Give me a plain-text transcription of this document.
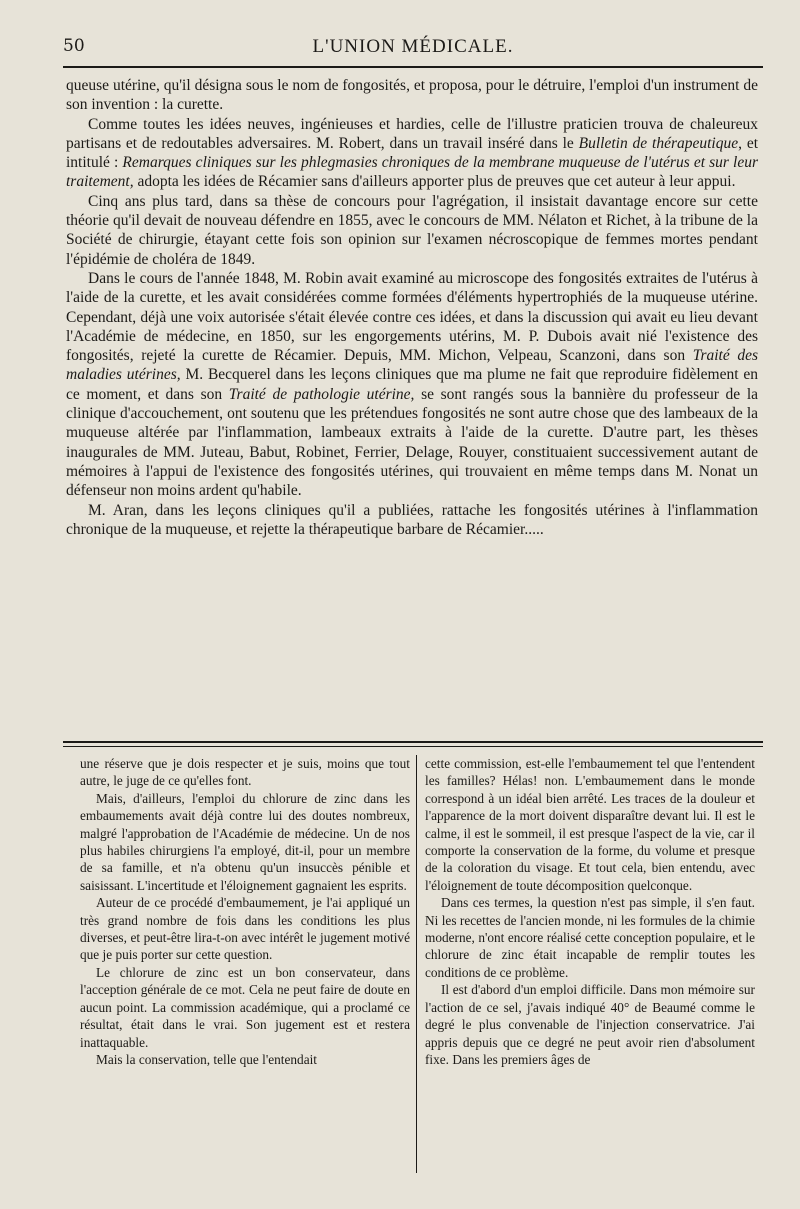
50	L'UNION MÉDICALE.

queuse utérine, qu'il désigna sous le nom de fongosités, et proposa, pour le détruire, l'emploi d'un instrument de son invention : la curette.

Comme toutes les idées neuves, ingénieuses et hardies, celle de l'illustre praticien trouva de chaleureux partisans et de redoutables adversaires. M. Robert, dans un travail inséré dans le Bulletin de thérapeutique, et intitulé : Remarques cliniques sur les phlegmasies chroniques de la membrane muqueuse de l'utérus et sur leur traitement, adopta les idées de Récamier sans d'ailleurs apporter plus de preuves que cet auteur à leur appui.

Cinq ans plus tard, dans sa thèse de concours pour l'agrégation, il insistait davantage encore sur cette théorie qu'il devait de nouveau défendre en 1855, avec le concours de MM. Nélaton et Richet, à la tribune de la Société de chirurgie, étayant cette fois son opinion sur l'examen nécroscopique de femmes mortes pendant l'épidémie de choléra de 1849.

Dans le cours de l'année 1848, M. Robin avait examiné au microscope des fongosités extraites de l'utérus à l'aide de la curette, et les avait considérées comme formées d'éléments hypertrophiés de la muqueuse utérine. Cependant, déjà une voix autorisée s'était élevée contre ces idées, et dans la discussion qui avait eu lieu devant l'Académie de médecine, en 1850, sur les engorgements utérins, M. P. Dubois avait nié l'existence des fongosités, rejeté la curette de Récamier. Depuis, MM. Michon, Velpeau, Scanzoni, dans son Traité des maladies utérines, M. Becquerel dans les leçons cliniques que ma plume ne fait que reproduire fidèlement en ce moment, et dans son Traité de pathologie utérine, se sont rangés sous la bannière du professeur de la clinique d'accouchement, ont soutenu que les prétendues fongosités ne sont autre chose que des lambeaux de la muqueuse altérée par l'inflammation, lambeaux extraits à l'aide de la curette. D'autre part, les thèses inaugurales de MM. Juteau, Babut, Robinet, Ferrier, Delage, Rouyer, constituaient successivement autant de mémoires à l'appui de l'existence des fongosités utérines, qui trouvaient en même temps dans M. Nonat un défenseur non moins ardent qu'habile.

M. Aran, dans les leçons cliniques qu'il a publiées, rattache les fongosités utérines à l'inflammation chronique de la muqueuse, et rejette la thérapeutique barbare de Récamier.....

une réserve que je dois respecter et je suis, moins que tout autre, le juge de ce qu'elles font.

Mais, d'ailleurs, l'emploi du chlorure de zinc dans les embaumements avait déjà contre lui des doutes nombreux, malgré l'approbation de l'Académie de médecine. Un de nos plus habiles chirurgiens l'a employé, dit-il, pour un membre de sa famille, et n'a obtenu qu'un insuccès pénible et saisissant. L'incertitude et l'éloignement gagnaient les esprits.

Auteur de ce procédé d'embaumement, je l'ai appliqué un très grand nombre de fois dans les conditions les plus diverses, et peut-être lira-t-on avec intérêt le jugement motivé que je puis porter sur cette question.

Le chlorure de zinc est un bon conservateur, dans l'acception générale de ce mot. Cela ne peut faire de doute en aucun point. La commission académique, qui a proclamé ce résultat, était dans le vrai. Son jugement est et restera inattaquable.

Mais la conservation, telle que l'entendait

cette commission, est-elle l'embaumement tel que l'entendent les familles? Hélas! non. L'embaumement dans le monde correspond à un idéal bien arrêté. Les traces de la douleur et l'apparence de la mort doivent disparaître devant lui. Il est le calme, il est le sommeil, il est presque l'aspect de la vie, car il comporte la conservation de la forme, du volume et presque de la coloration du visage. Et tout cela, bien entendu, avec l'éloignement de toute décomposition quelconque.

Dans ces termes, la question n'est pas simple, il s'en faut. Ni les recettes de l'ancien monde, ni les formules de la chimie moderne, n'ont encore réalisé cette conception populaire, et le chlorure de zinc était incapable de remplir toutes les conditions de ce problème.

Il est d'abord d'un emploi difficile. Dans mon mémoire sur l'action de ce sel, j'avais indiqué 40° de Beaumé comme le degré le plus convenable de l'injection conservatrice. J'ai appris depuis que ce degré ne peut avoir rien d'absolument fixe. Dans les premiers âges de
